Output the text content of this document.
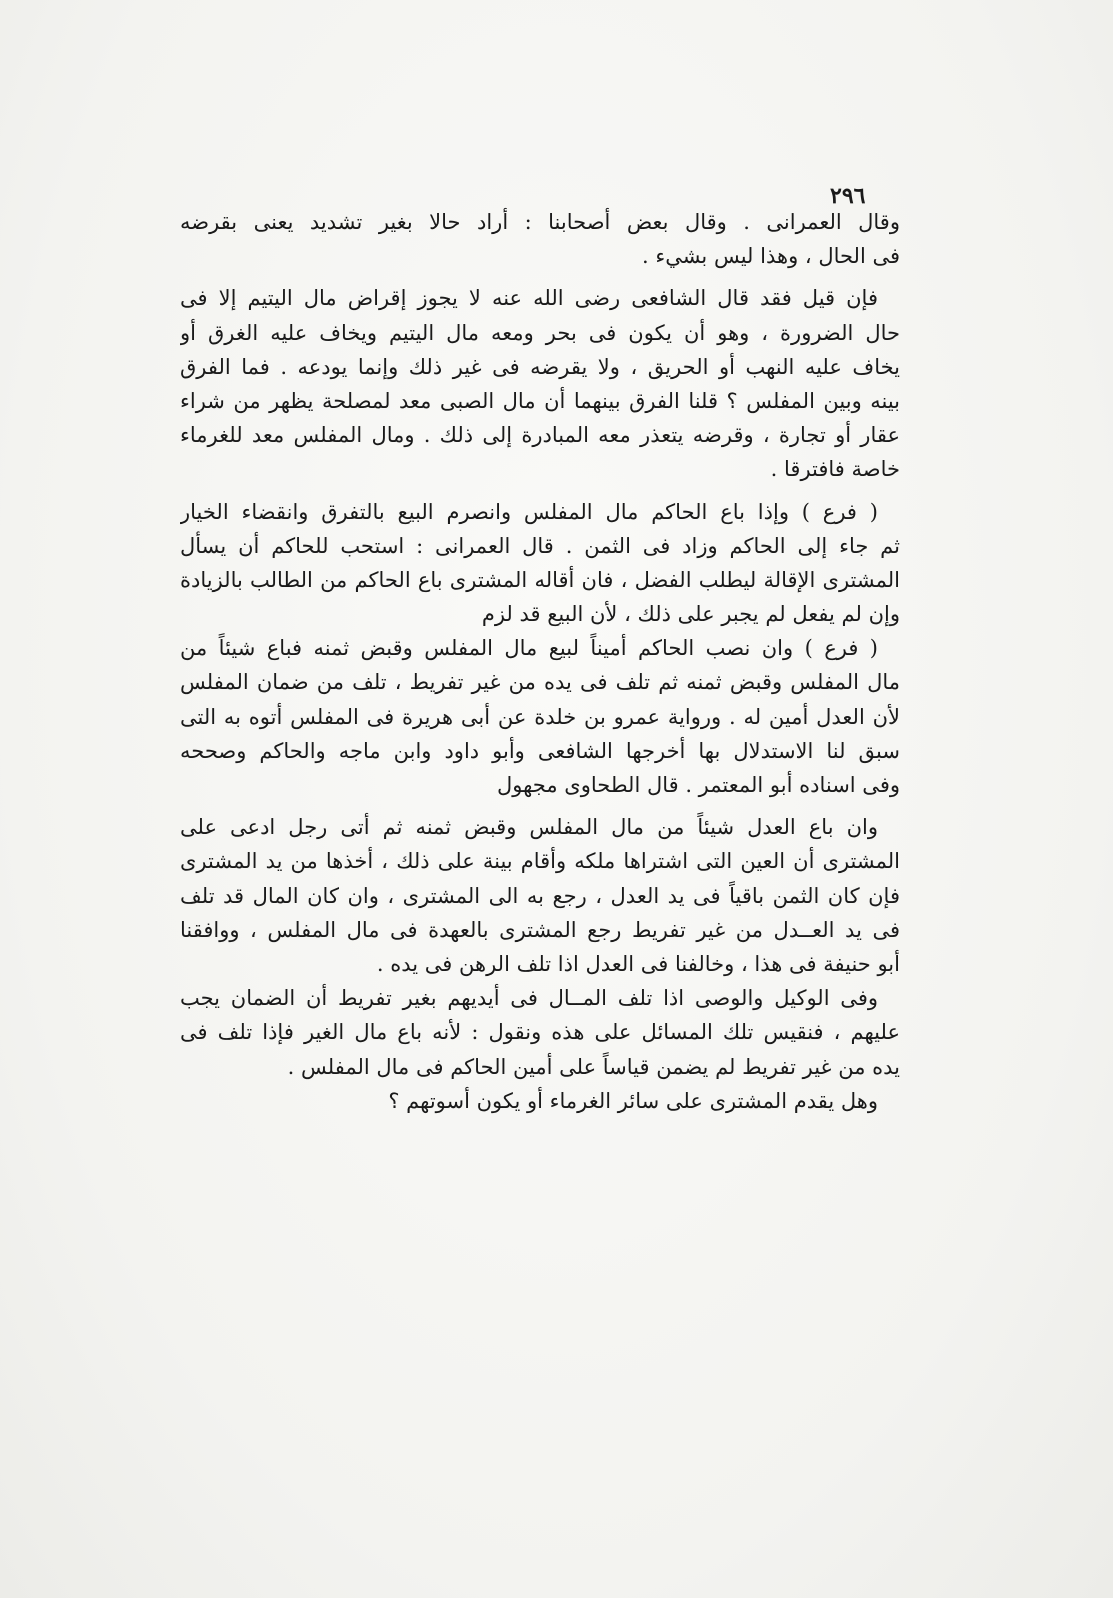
٢٩٦
وقال العمرانى . وقال بعض أصحابنا : أراد حالا بغير تشديد يعنى بقرضه
فى الحال ، وهذا ليس بشيء .
فإن قيل فقد قال الشافعى رضى الله عنه لا يجوز إقراض مال اليتيم إلا فى
حال الضرورة ، وهو أن يكون فى بحر ومعه مال اليتيم ويخاف عليه الغرق أو
يخاف عليه النهب أو الحريق ، ولا يقرضه فى غير ذلك وإنما يودعه . فما الفرق
بينه وبين المفلس ؟ قلنا الفرق بينهما أن مال الصبى معد لمصلحة يظهر من شراء
عقار أو تجارة ، وقرضه يتعذر معه المبادرة إلى ذلك . ومال المفلس معد للغرماء
خاصة فافترقا .
( فرع ) وإذا باع الحاكم مال المفلس وانصرم البيع بالتفرق وانقضاء الخيار
ثم جاء إلى الحاكم وزاد فى الثمن . قال العمرانى : استحب للحاكم أن يسأل
المشترى الإقالة ليطلب الفضل ، فان أقاله المشترى باع الحاكم من الطالب بالزيادة
وإن لم يفعل لم يجبر على ذلك ، لأن البيع قد لزم
( فرع ) وان نصب الحاكم أميناً لبيع مال المفلس وقبض ثمنه فباع شيئاً من
مال المفلس وقبض ثمنه ثم تلف فى يده من غير تفريط ، تلف من ضمان المفلس
لأن العدل أمين له . ورواية عمرو بن خلدة عن أبى هريرة فى المفلس أتوه به التى
سبق لنا الاستدلال بها أخرجها الشافعى وأبو داود وابن ماجه والحاكم وصححه
وفى اسناده أبو المعتمر . قال الطحاوى مجهول
وان باع العدل شيئاً من مال المفلس وقبض ثمنه ثم أتى رجل ادعى على
المشترى أن العين التى اشتراها ملكه وأقام بينة على ذلك ، أخذها من يد المشترى
فإن كان الثمن باقياً فى يد العدل ، رجع به الى المشترى ، وان كان المال قد تلف
فى يد العــدل من غير تفريط رجع المشترى بالعهدة فى مال المفلس ، ووافقنا
أبو حنيفة فى هذا ، وخالفنا فى العدل اذا تلف الرهن فى يده .
وفى الوكيل والوصى اذا تلف المــال فى أيديهم بغير تفريط أن الضمان يجب
عليهم ، فنقيس تلك المسائل على هذه ونقول : لأنه باع مال الغير فإذا تلف فى
يده من غير تفريط لم يضمن قياساً على أمين الحاكم فى مال المفلس .
وهل يقدم المشترى على سائر الغرماء أو يكون أسوتهم ؟
